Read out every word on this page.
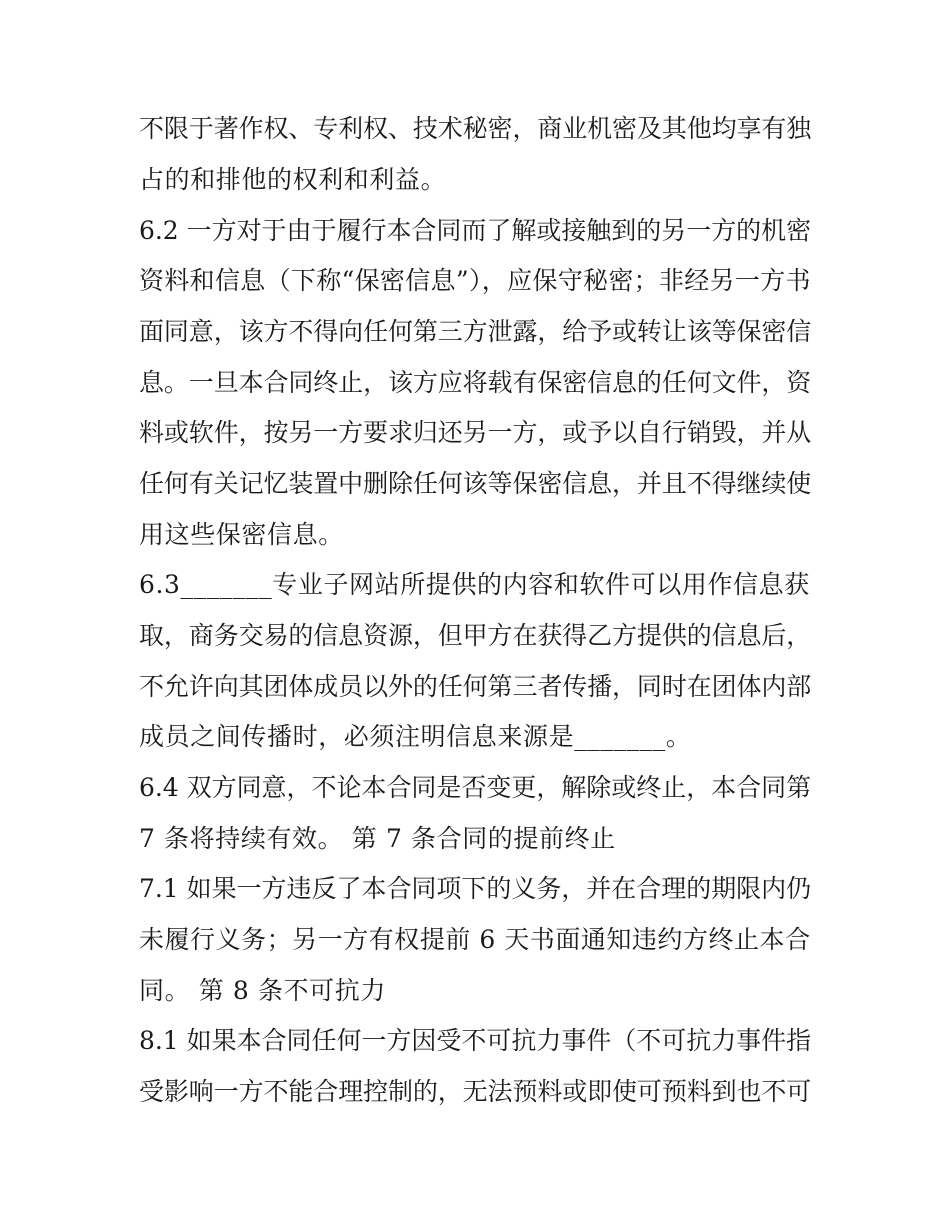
不限于著作权、专利权、技术秘密，商业机密及其他均享有独
占的和排他的权利和利益。
6.2 一方对于由于履行本合同而了解或接触到的另一方的机密
资料和信息（下称“保密信息”），应保守秘密；非经另一方书
面同意，该方不得向任何第三方泄露，给予或转让该等保密信
息。一旦本合同终止，该方应将载有保密信息的任何文件，资
料或软件，按另一方要求归还另一方，或予以自行销毁，并从
任何有关记忆装置中删除任何该等保密信息，并且不得继续使
用这些保密信息。
6.3_______专业子网站所提供的内容和软件可以用作信息获
取，商务交易的信息资源，但甲方在获得乙方提供的信息后，
不允许向其团体成员以外的任何第三者传播，同时在团体内部
成员之间传播时，必须注明信息来源是_______。
6.4 双方同意，不论本合同是否变更，解除或终止，本合同第
7 条将持续有效。 第 7 条合同的提前终止
7.1 如果一方违反了本合同项下的义务，并在合理的期限内仍
未履行义务；另一方有权提前 6 天书面通知违约方终止本合
同。 第 8 条不可抗力
8.1 如果本合同任何一方因受不可抗力事件（不可抗力事件指
受影响一方不能合理控制的，无法预料或即使可预料到也不可
